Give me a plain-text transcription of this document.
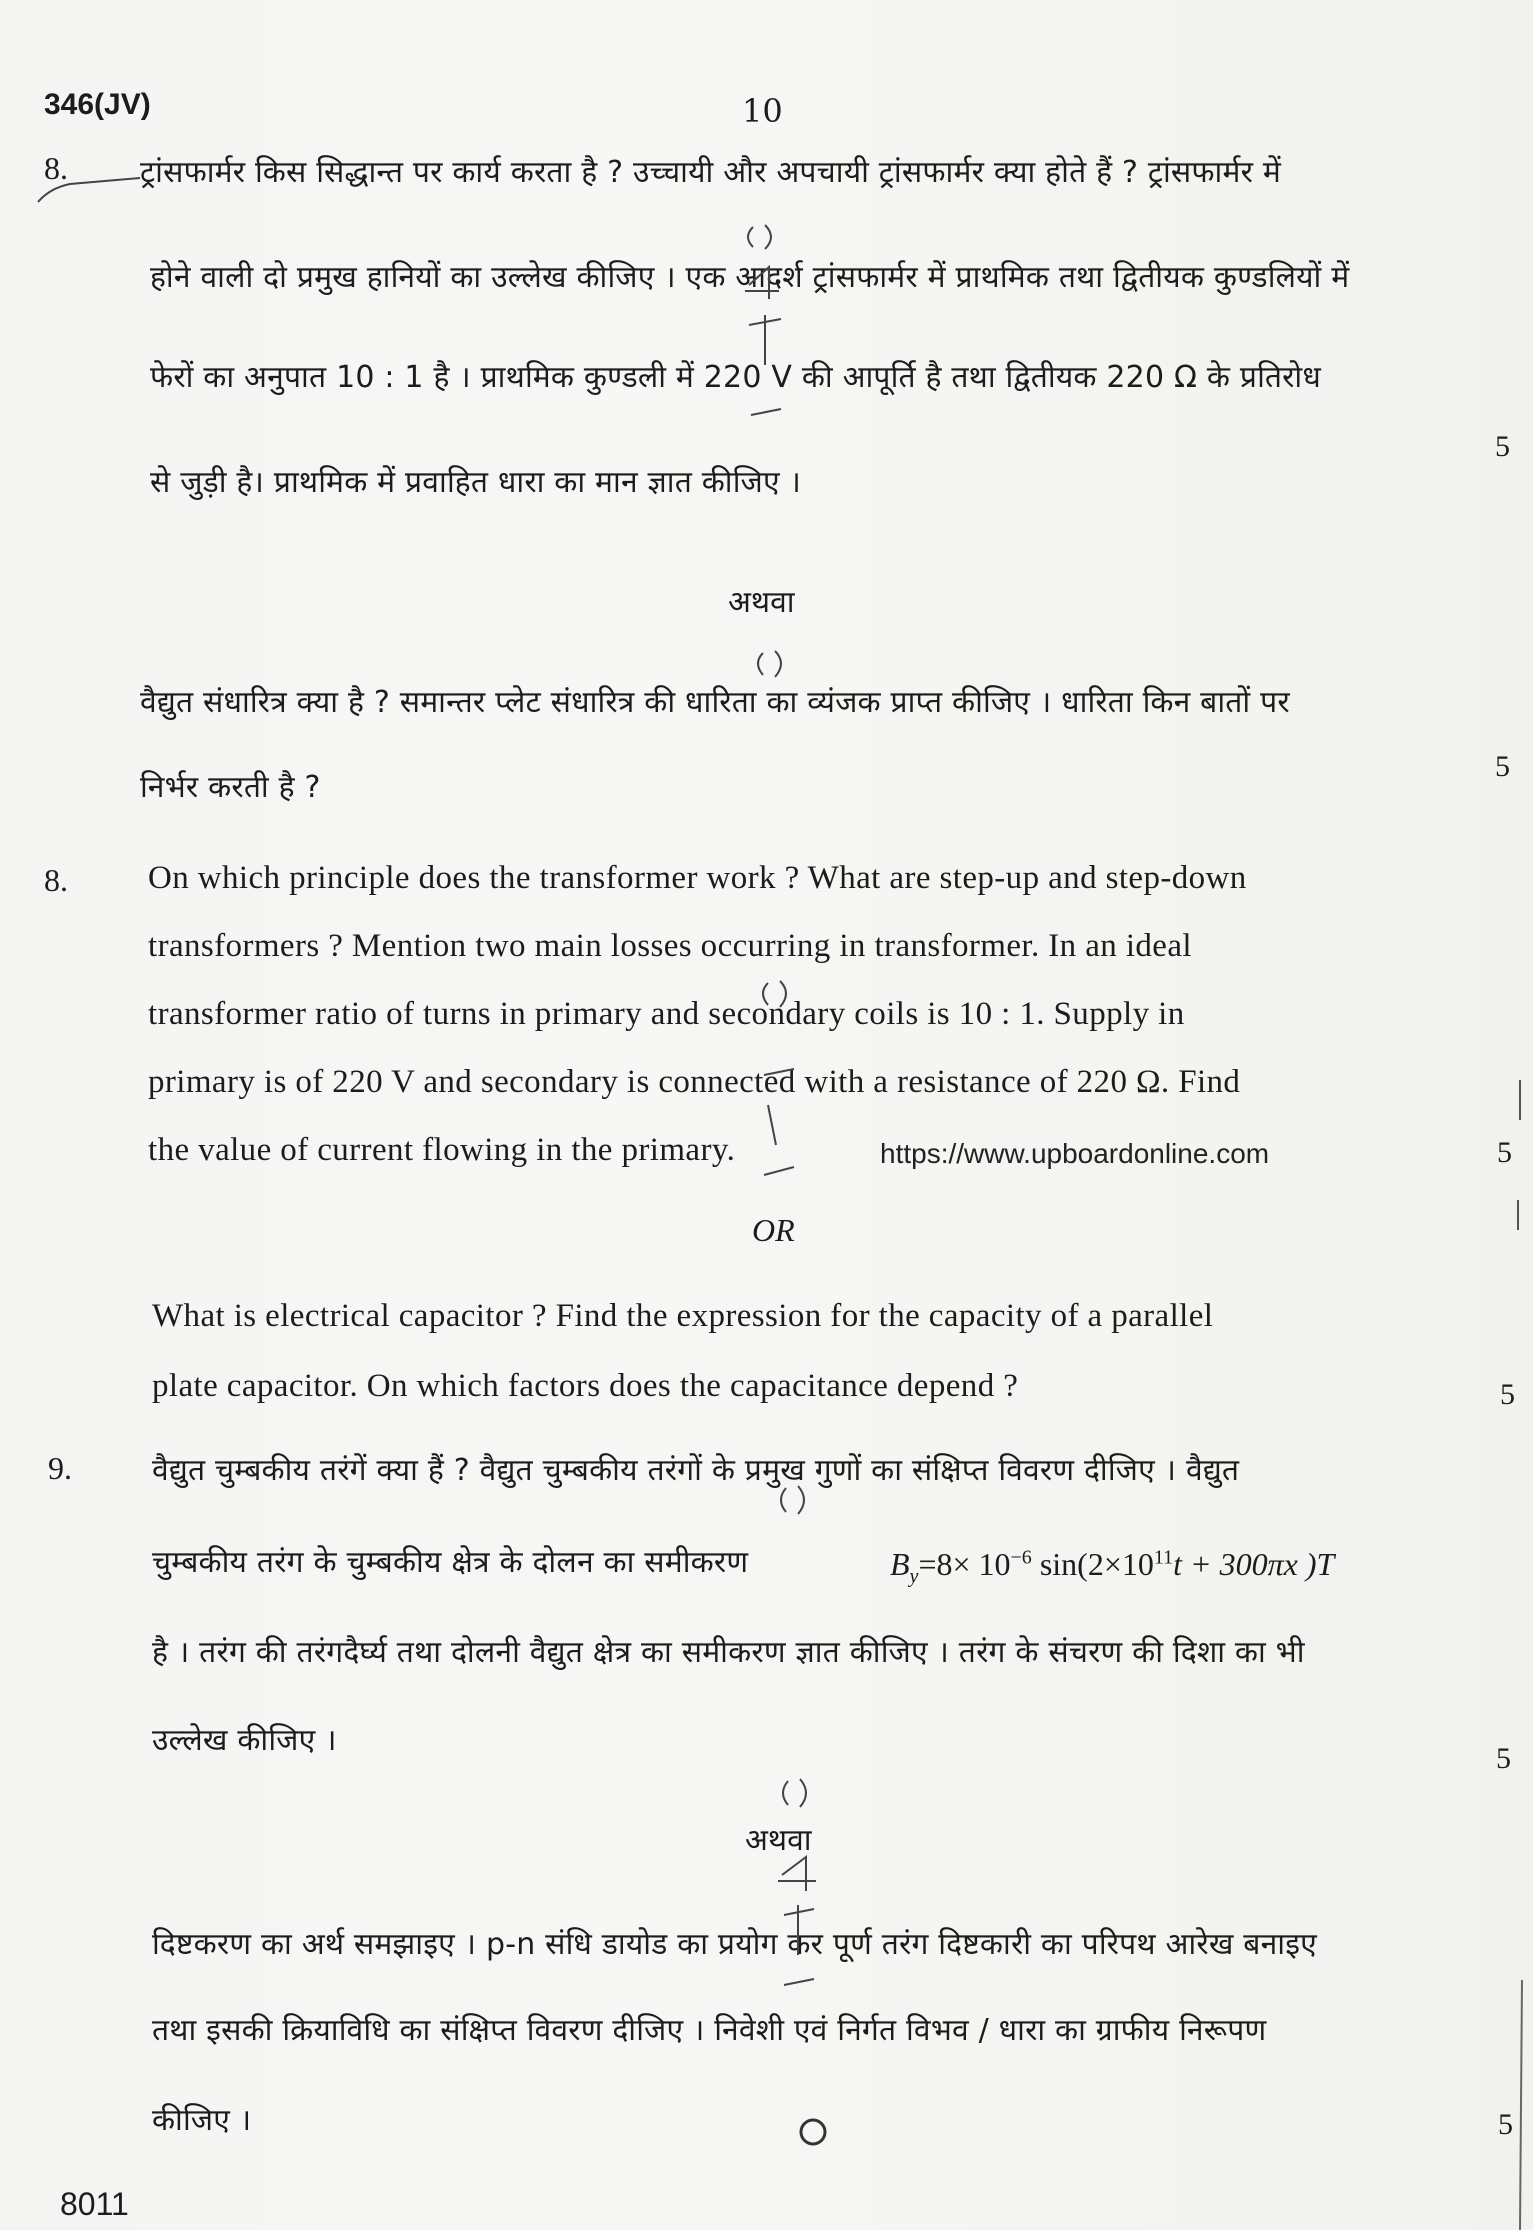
346(JV)	10
8. ट्रांसफार्मर किस सिद्धान्त पर कार्य करता है ? उच्चायी और अपचायी ट्रांसफार्मर क्या होते हैं ? ट्रांसफार्मर में
होने वाली दो प्रमुख हानियों का उल्लेख कीजिए । एक आदर्श ट्रांसफार्मर में प्राथमिक तथा द्वितीयक कुण्डलियों में
फेरों का अनुपात 10 : 1 है । प्राथमिक कुण्डली में 220 V की आपूर्ति है तथा द्वितीयक 220 Ω के प्रतिरोध
से जुड़ी है। प्राथमिक में प्रवाहित धारा का मान ज्ञात कीजिए ।
5
अथवा
वैद्युत संधारित्र क्या है ? समान्तर प्लेट संधारित्र की धारिता का व्यंजक प्राप्त कीजिए । धारिता किन बातों पर
निर्भर करती है ?
5
8. On which principle does the transformer work ? What are step-up and step-down
transformers ? Mention two main losses occurring in transformer. In an ideal
transformer ratio of turns in primary and secondary coils is 10 : 1. Supply in
primary is of 220 V and secondary is connected with a resistance of 220 Ω. Find
the value of current flowing in the primary.	https://www.upboardonline.com	5
OR
What is electrical capacitor ? Find the expression for the capacity of a parallel
plate capacitor. On which factors does the capacitance depend ?	5
9.	वैद्युत चुम्बकीय तरंगें क्या हैं ? वैद्युत चुम्बकीय तरंगों के प्रमुख गुणों का संक्षिप्त विवरण दीजिए । वैद्युत
चुम्बकीय तरंग के चुम्बकीय क्षेत्र के दोलन का समीकरण	$B_y=8\times 10^{-6}$ $\sin(2\times 10^{11}t + 300\pi x$ )T
है । तरंग की तरंगदैर्घ्य तथा दोलनी वैद्युत क्षेत्र का समीकरण ज्ञात कीजिए । तरंग के संचरण की दिशा का भी
उल्लेख कीजिए ।
5
अथवा
दिष्टकरण का अर्थ समझाइए । p-n संधि डायोड का प्रयोग कर पूर्ण तरंग दिष्टकारी का परिपथ आरेख बनाइए
तथा इसकी क्रियाविधि का संक्षिप्त विवरण दीजिए । निवेशी एवं निर्गत विभव / धारा का ग्राफीय निरूपण
कीजिए ।	5
8011
